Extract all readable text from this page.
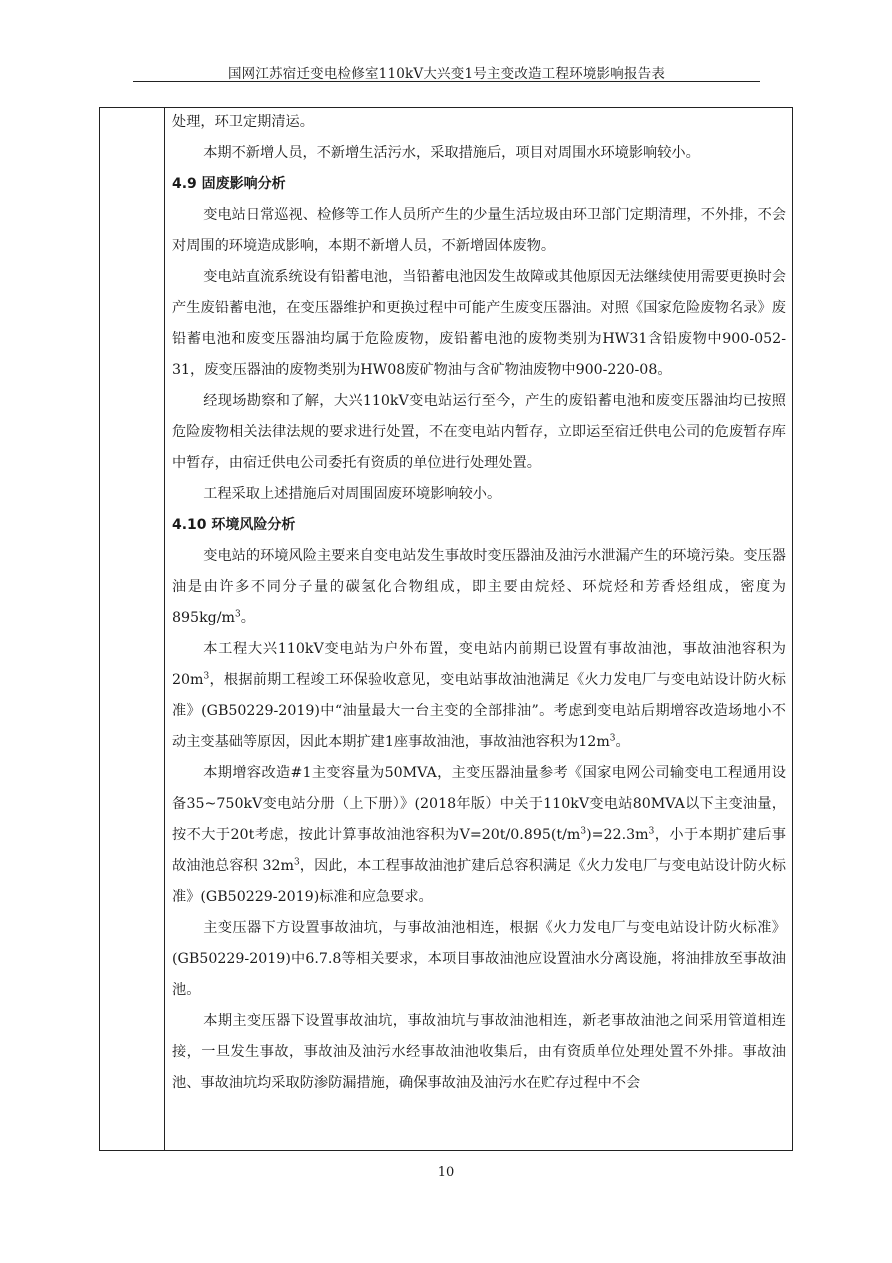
国网江苏宿迁变电检修室110kV大兴变1号主变改造工程环境影响报告表

处理，环卫定期清运。

本期不新增人员，不新增生活污水，采取措施后，项目对周围水环境影响较小。

4.9 固废影响分析

变电站日常巡视、检修等工作人员所产生的少量生活垃圾由环卫部门定期清理，不外排，不会对周围的环境造成影响，本期不新增人员，不新增固体废物。

变电站直流系统设有铅蓄电池，当铅蓄电池因发生故障或其他原因无法继续使用需要更换时会产生废铅蓄电池，在变压器维护和更换过程中可能产生废变压器油。对照《国家危险废物名录》废铅蓄电池和废变压器油均属于危险废物，废铅蓄电池的废物类别为HW31含铅废物中900-052-31，废变压器油的废物类别为HW08废矿物油与含矿物油废物中900-220-08。

经现场勘察和了解，大兴110kV变电站运行至今，产生的废铅蓄电池和废变压器油均已按照危险废物相关法律法规的要求进行处置，不在变电站内暂存，立即运至宿迁供电公司的危废暂存库中暂存，由宿迁供电公司委托有资质的单位进行处理处置。

工程采取上述措施后对周围固废环境影响较小。

4.10 环境风险分析

变电站的环境风险主要来自变电站发生事故时变压器油及油污水泄漏产生的环境污染。变压器油是由许多不同分子量的碳氢化合物组成，即主要由烷烃、环烷烃和芳香烃组成，密度为$895kg/m^3$。

本工程大兴110kV变电站为户外布置，变电站内前期已设置有事故油池，事故油池容积为 $20m^3$，根据前期工程竣工环保验收意见，变电站事故油池满足《火力发电厂与变电站设计防火标准》(GB50229-2019)中“油量最大一台主变的全部排油”。考虑到变电站后期增容改造场地小不动主变基础等原因，因此本期扩建1座事故油池，事故油池容积为$12m^3$。

本期增容改造#1主变容量为50MVA，主变压器油量参考《国家电网公司输变电工程通用设备35~750kV变电站分册（上下册）》(2018年版）中关于110kV变电站80MVA以下主变油量，按不大于20t考虑，按此计算事故油池容积为$V=20t/0.895(t/m^3)=22.3m^3$，小于本期扩建后事故油池总容积 $32m^3$，因此，本工程事故油池扩建后总容积满足《火力发电厂与变电站设计防火标准》(GB50229-2019)标准和应急要求。

主变压器下方设置事故油坑，与事故油池相连，根据《火力发电厂与变电站设计防火标准》(GB50229-2019)中6.7.8等相关要求，本项目事故油池应设置油水分离设施，将油排放至事故油池。

本期主变压器下设置事故油坑，事故油坑与事故油池相连，新老事故油池之间采用管道相连接，一旦发生事故，事故油及油污水经事故油池收集后，由有资质单位处理处置不外排。事故油池、事故油坑均采取防渗防漏措施，确保事故油及油污水在贮存过程中不会

10
